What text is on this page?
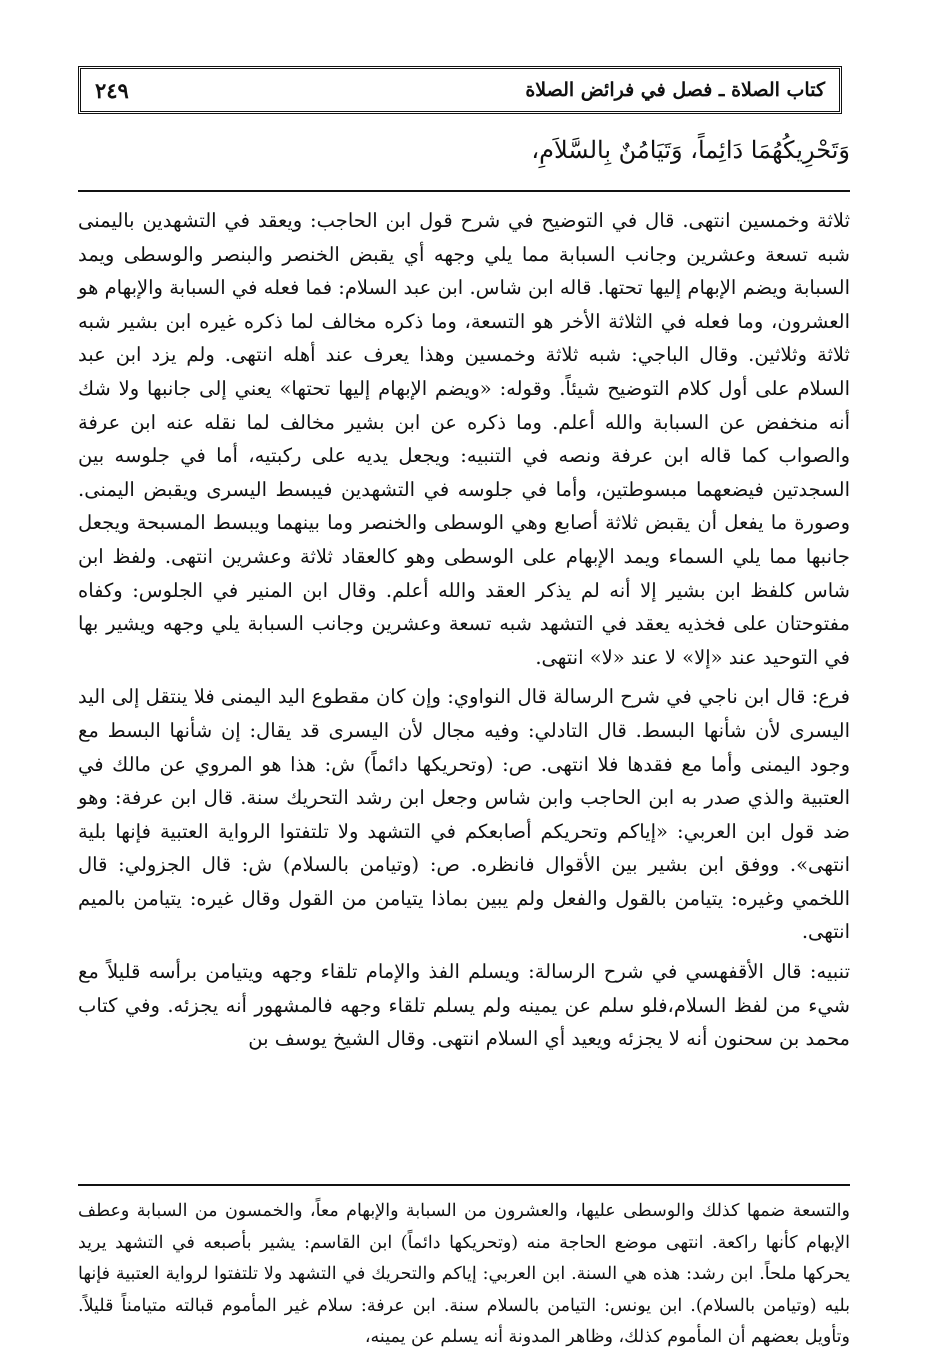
كتاب الصلاة ـ فصل في فرائض الصلاة
٢٤٩
وَتَحْرِيكُهُمَا دَائِماً، وَتَيَامُنٌ بِالسَّلاَمِ،

ثلاثة وخمسين انتهى. قال في التوضيح في شرح قول ابن الحاجب: ويعقد في التشهدين باليمنى شبه تسعة وعشرين وجانب السبابة مما يلي وجهه أي يقبض الخنصر والبنصر والوسطى ويمد السبابة ويضم الإبهام إليها تحتها. قاله ابن شاس. ابن عبد السلام: فما فعله في السبابة والإبهام هو العشرون، وما فعله في الثلاثة الأخر هو التسعة، وما ذكره مخالف لما ذكره غيره ابن بشير شبه ثلاثة وثلاثين. وقال الباجي: شبه ثلاثة وخمسين وهذا يعرف عند أهله انتهى. ولم يزد ابن عبد السلام على أول كلام التوضيح شيئاً. وقوله: «ويضم الإبهام إليها تحتها» يعني إلى جانبها ولا شك أنه منخفض عن السبابة والله أعلم. وما ذكره عن ابن بشير مخالف لما نقله عنه ابن عرفة والصواب كما قاله ابن عرفة ونصه في التنبيه: ويجعل يديه على ركبتيه، أما في جلوسه بين السجدتين فيضعهما مبسوطتين، وأما في جلوسه في التشهدين فيبسط اليسرى ويقبض اليمنى. وصورة ما يفعل أن يقبض ثلاثة أصابع وهي الوسطى والخنصر وما بينهما ويبسط المسبحة ويجعل جانبها مما يلي السماء ويمد الإبهام على الوسطى وهو كالعقاد ثلاثة وعشرين انتهى. ولفظ ابن شاس كلفظ ابن بشير إلا أنه لم يذكر العقد والله أعلم. وقال ابن المنير في الجلوس: وكفاه مفتوحتان على فخذيه يعقد في التشهد شبه تسعة وعشرين وجانب السبابة يلي وجهه ويشير بها في التوحيد عند «إلا» لا عند «لا» انتهى.

فرع: قال ابن ناجي في شرح الرسالة قال النواوي: وإن كان مقطوع اليد اليمنى فلا ينتقل إلى اليد اليسرى لأن شأنها البسط. قال التادلي: وفيه مجال لأن اليسرى قد يقال: إن شأنها البسط مع وجود اليمنى وأما مع فقدها فلا انتهى. ص: (وتحريكها دائماً) ش: هذا هو المروي عن مالك في العتبية والذي صدر به ابن الحاجب وابن شاس وجعل ابن رشد التحريك سنة. قال ابن عرفة: وهو ضد قول ابن العربي: «إياكم وتحريكم أصابعكم في التشهد ولا تلتفتوا الرواية العتبية فإنها بلية انتهى». ووفق ابن بشير بين الأقوال فانظره. ص: (وتيامن بالسلام) ش: قال الجزولي: قال اللخمي وغيره: يتيامن بالقول والفعل ولم يبين بماذا يتيامن من القول وقال غيره: يتيامن بالميم انتهى.

تنبيه: قال الأقفهسي في شرح الرسالة: ويسلم الفذ والإمام تلقاء وجهه ويتيامن برأسه قليلاً مع شيء من لفظ السلام،فلو سلم عن يمينه ولم يسلم تلقاء وجهه فالمشهور أنه يجزئه. وفي كتاب محمد بن سحنون أنه لا يجزئه ويعيد أي السلام انتهى. وقال الشيخ يوسف بن

والتسعة ضمها كذلك والوسطى عليها، والعشرون من السبابة والإبهام معاً، والخمسون من السبابة وعطف الإبهام كأنها راكعة. انتهى موضع الحاجة منه (وتحريكها دائماً) ابن القاسم: يشير بأصبعه في التشهد يريد يحركها ملحاً. ابن رشد: هذه هي السنة. ابن العربي: إياكم والتحريك في التشهد ولا تلتفتوا لرواية العتبية فإنها بليه (وتيامن بالسلام). ابن يونس: التيامن بالسلام سنة. ابن عرفة: سلام غير المأموم قبالته متيامناً قليلاً. وتأويل بعضهم أن المأموم كذلك، وظاهر المدونة أنه يسلم عن يمينه،
